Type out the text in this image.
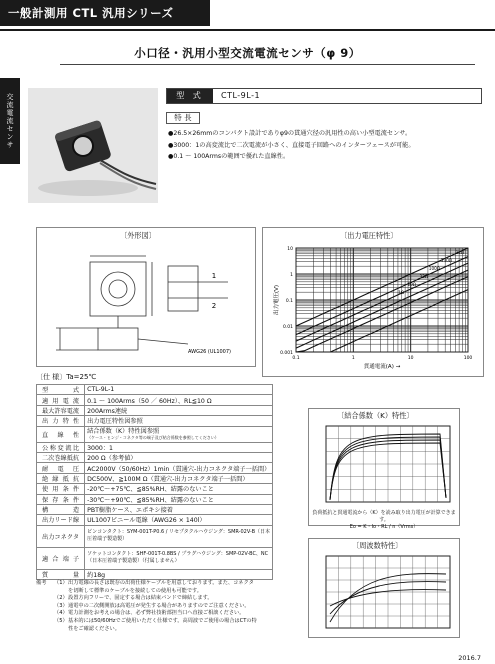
一般計測用 CTL 汎用シリーズ
交流電流センサ
小口径・汎用小型交流電流センサ（φ 9）
型 式	CTL-9L-1
特 長
●26.5×26mmのコンパクト設計でありφ9の貫通穴径の汎用性の高い小型電流センサ。
●3000：1の高変流比で二次電流が小さく、直接電子回路へのインターフェースが可能。
●0.1 ～ 100Armsの範囲で優れた直線性。
〔外形図〕
1
2
AWG26 (UL1007)
〔仕 様〕Ta=25℃
型　　式	CTL-9L-1
適用電流	0.1 ～ 100Arms（50 ／ 60Hz）、RL≦10 Ω
最大許容電流	200Arms連続
出力特性	出力電圧特性図参照
直線性	結合係数（K）特性図参照
（ケース・ヒンジ・コネクタ等の端子及び結合係数を参照してください）

公称変流比	3000：1
二次巻線抵抗	200 Ω（参考値）
耐電圧	AC2000V（50/60Hz）1min（貫通穴-出力コネクタ端子一括間）
絶縁抵抗	DC500V、≧100M Ω（貫通穴-出力コネクタ端子一括間）
使用条件	-20℃～+75℃、≦85%RH、結露のないこと
保存条件	-30℃～+90℃、≦85%RH、結露のないこと
構造	PBT樹脂ケース、エポキシ接着
出力リード線	UL1007ビニール電線（AWG26 × 140l）
出力コネクタ	ピンコンタクト：SYM-001T-P0.6 / リセプタクルハウジング：SMR-02V-B（日本圧着端子製造製）
適合端子	ソケットコンタクト：SHF-001T-0.8BS / プラグハウジング：SMP-02V-BC、NC（日本圧着端子製造製）（付属しません）
質量	約18g
備考	（1） 出力電線の長さは既存の出荷仕様ケーブルを用意しております。また、コネクタを切断して標準のケーブルを接続しての使用も可能です。
（2） 設置方向フリーで、固定する場合は結束バンドで締結します。
（3） 通電中の二次側開放は高電圧が発生する場合がありますのでご注意ください。
（4） 電力計測をお考えの場合は、必ず弊社技術部担当口へ直接ご相談ください。
（5） 基本的には50/60Hzでご使用いただく仕様です。高周波でご使用の場合はCTの特性をご確認ください。
〔出力電圧特性〕
1kΩ
330Ω
100Ω
33Ω
10Ω
1Ω
0.1	1	10	100
10
1
0.1
0.01
0.001
貫通電流(A) →
出力電圧(V)
〔結合係数（K）特性〕
負荷抵抗と貫通電流から（K）を読み取り出力電圧が計算できます。
Eo = K・Io・RL / n（Vrms）
〔周波数特性〕
2016.7
